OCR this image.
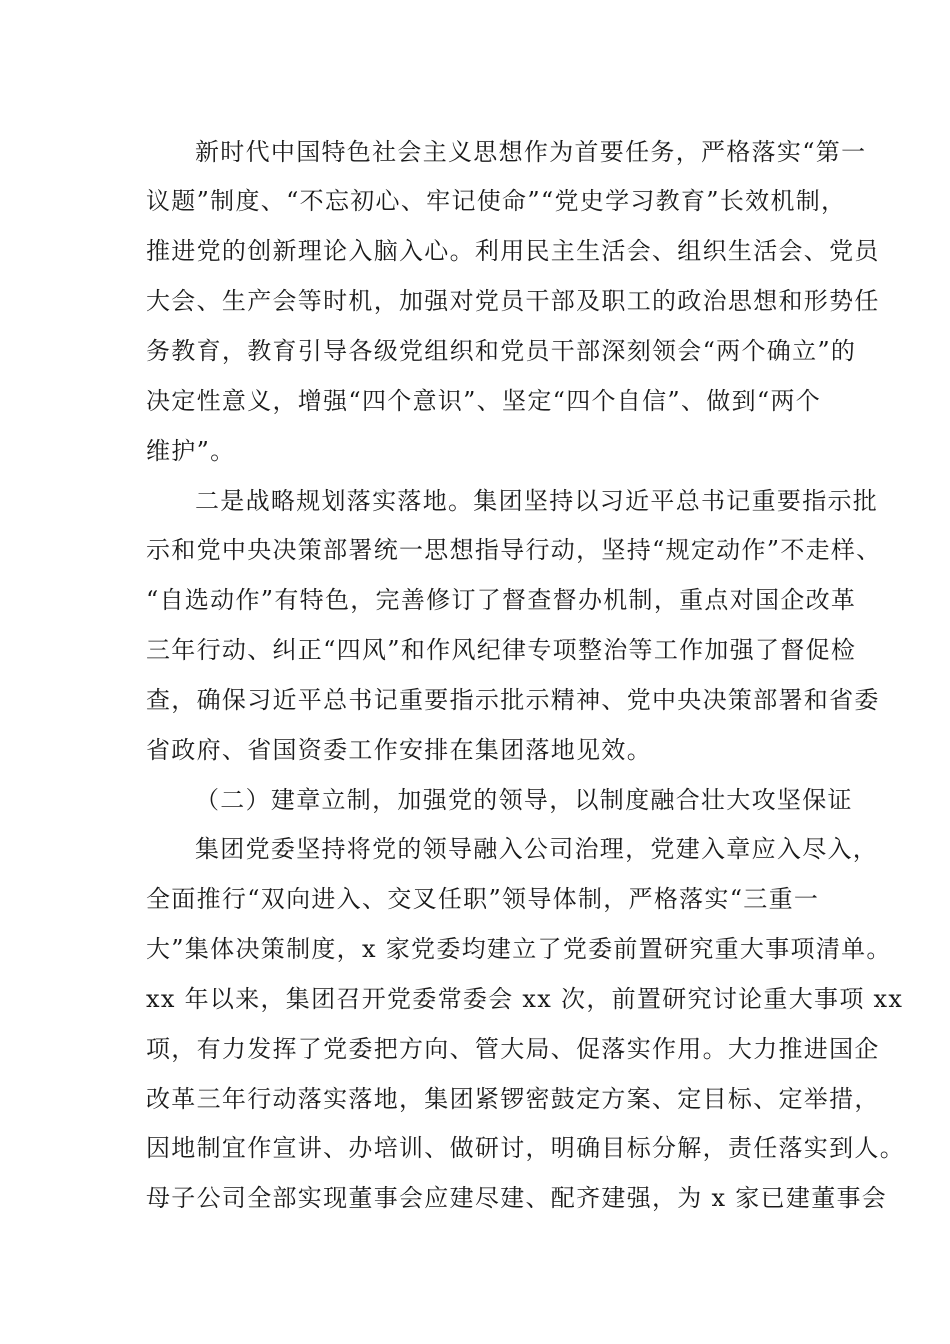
新时代中国特色社会主义思想作为首要任务，严格落实“第一
议题”制度、“不忘初心、牢记使命”“党史学习教育”长效机制，
推进党的创新理论入脑入心。利用民主生活会、组织生活会、党员
大会、生产会等时机，加强对党员干部及职工的政治思想和形势任
务教育，教育引导各级党组织和党员干部深刻领会“两个确立”的
决定性意义，增强“四个意识”、坚定“四个自信”、做到“两个
维护”。
二是战略规划落实落地。集团坚持以习近平总书记重要指示批
示和党中央决策部署统一思想指导行动，坚持“规定动作”不走样、
“自选动作”有特色，完善修订了督查督办机制，重点对国企改革
三年行动、纠正“四风”和作风纪律专项整治等工作加强了督促检
查，确保习近平总书记重要指示批示精神、党中央决策部署和省委
省政府、省国资委工作安排在集团落地见效。
（二）建章立制，加强党的领导，以制度融合壮大攻坚保证
集团党委坚持将党的领导融入公司治理，党建入章应入尽入，
全面推行“双向进入、交叉任职”领导体制，严格落实“三重一
大”集体决策制度，x 家党委均建立了党委前置研究重大事项清单。
xx 年以来，集团召开党委常委会 xx 次，前置研究讨论重大事项 xx
项，有力发挥了党委把方向、管大局、促落实作用。大力推进国企
改革三年行动落实落地，集团紧锣密鼓定方案、定目标、定举措，
因地制宜作宣讲、办培训、做研讨，明确目标分解，责任落实到人。
母子公司全部实现董事会应建尽建、配齐建强，为 x 家已建董事会
